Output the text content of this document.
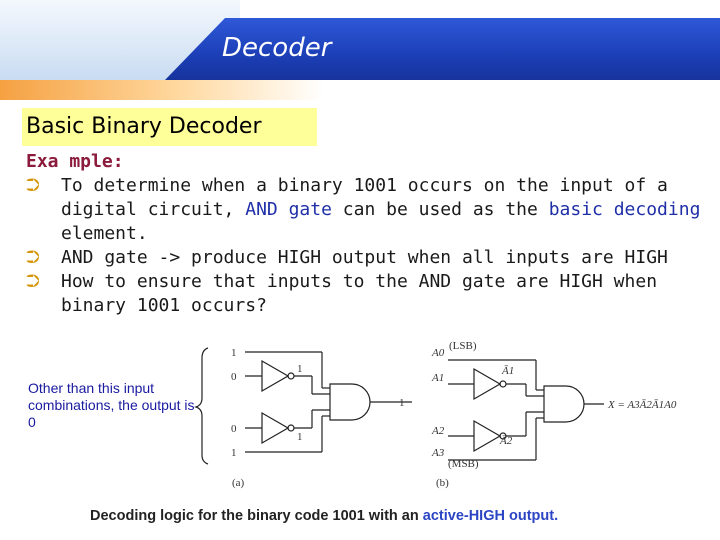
Decoder
Basic Binary Decoder
Exa mple:
⮊ To determine when a binary 1001 occurs on the input of a
digital circuit, AND gate can be used as the basic decoding
element.
⮊ AND gate -> produce HIGH output when all inputs are HIGH
⮊ How to ensure that inputs to the AND gate are HIGH when
binary 1001 occurs?
1
0
0
1
1
1
1
(a)
(LSB)
(MSB)
A0
A1
A2
A3
Ā1
Ā2
X = A3Ā2Ā1A0
(b)
Other than this input combinations, the output is 0
Decoding logic for the binary code 1001 with an active-HIGH output.
